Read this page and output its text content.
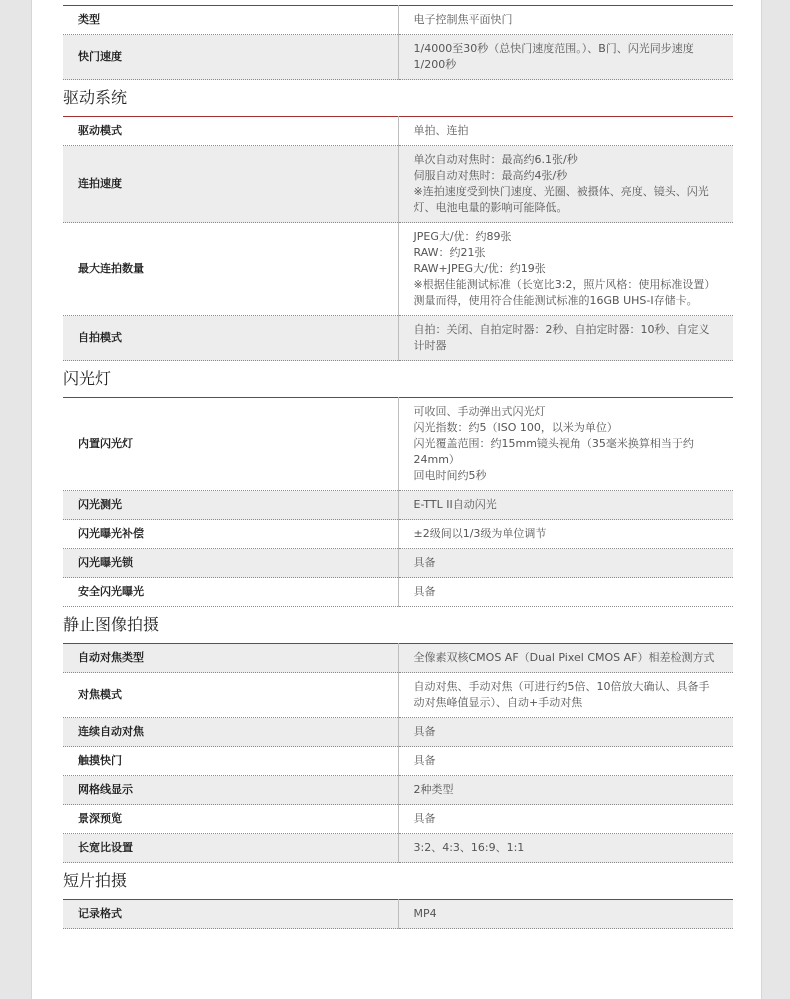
类型	电子控制焦平面快门
快门速度	1/4000至30秒（总快门速度范围。）、B门、闪光同步速度1/200秒
驱动系统
驱动模式	单拍、连拍
连拍速度	单次自动对焦时：最高约6.1张/秒
伺服自动对焦时：最高约4张/秒
※连拍速度受到快门速度、光圈、被摄体、亮度、镜头、闪光灯、电池电量的影响可能降低。
最大连拍数量	JPEG大/优：约89张
RAW：约21张
RAW+JPEG大/优：约19张
※根据佳能测试标准（长宽比3:2，照片风格：使用标准设置）测量而得，使用符合佳能测试标准的16GB UHS-I存储卡。
自拍模式	自拍：关闭、自拍定时器：2秒、自拍定时器：10秒、自定义计时器
闪光灯
内置闪光灯	可收回、手动弹出式闪光灯
闪光指数：约5（ISO 100，以米为单位）
闪光覆盖范围：约15mm镜头视角（35毫米换算相当于约24mm）
回电时间约5秒
闪光测光	E-TTL II自动闪光
闪光曝光补偿	±2级间以1/3级为单位调节
闪光曝光锁	具备
安全闪光曝光	具备
静止图像拍摄
自动对焦类型	全像素双核CMOS AF（Dual Pixel CMOS AF）相差检测方式
对焦模式	自动对焦、手动对焦（可进行约5倍、10倍放大确认、具备手动对焦峰值显示）、自动+手动对焦
连续自动对焦	具备
触摸快门	具备
网格线显示	2种类型
景深预览	具备
长宽比设置	3:2、4:3、16:9、1:1
短片拍摄
记录格式	MP4
